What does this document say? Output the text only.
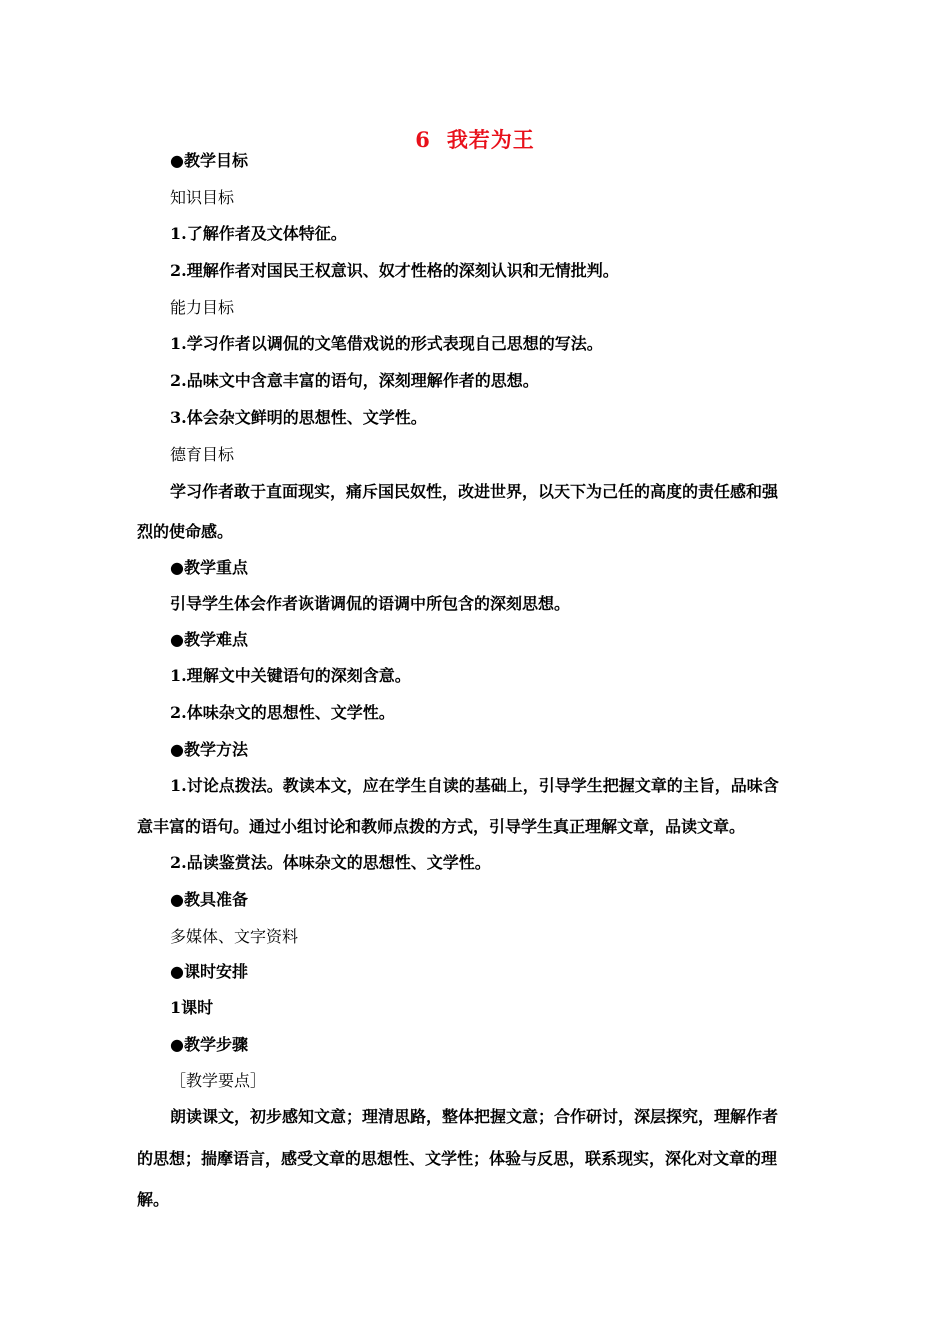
6 我若为王
●教学目标
知识目标
1.了解作者及文体特征。
2.理解作者对国民王权意识、奴才性格的深刻认识和无情批判。
能力目标
1.学习作者以调侃的文笔借戏说的形式表现自己思想的写法。
2.品味文中含意丰富的语句，深刻理解作者的思想。
3.体会杂文鲜明的思想性、文学性。
德育目标
学习作者敢于直面现实，痛斥国民奴性，改进世界，以天下为己任的高度的责任感和强
烈的使命感。
●教学重点
引导学生体会作者诙谐调侃的语调中所包含的深刻思想。
●教学难点
1.理解文中关键语句的深刻含意。
2.体味杂文的思想性、文学性。
●教学方法
1.讨论点拨法。教读本文，应在学生自读的基础上，引导学生把握文章的主旨，品味含
意丰富的语句。通过小组讨论和教师点拨的方式，引导学生真正理解文章，品读文章。
2.品读鉴赏法。体味杂文的思想性、文学性。
●教具准备
多媒体、文字资料
●课时安排
1课时
●教学步骤
［教学要点］
朗读课文，初步感知文意；理清思路，整体把握文意；合作研讨，深层探究，理解作者
的思想；揣摩语言，感受文章的思想性、文学性；体验与反思，联系现实，深化对文章的理
解。
